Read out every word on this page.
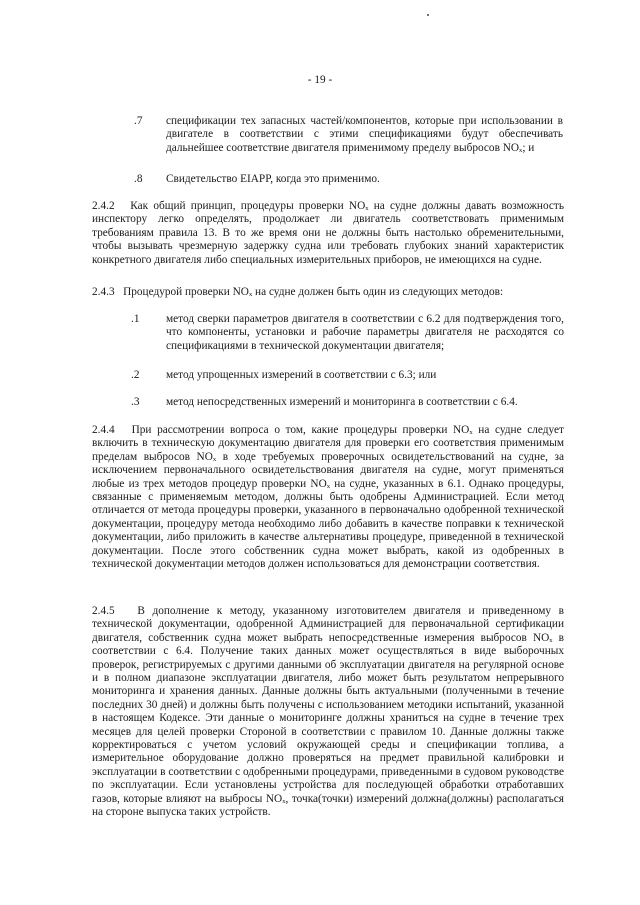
- 19 -
.7 спецификации тех запасных частей/компонентов, которые при использовании в двигателе в соответствии с этими спецификациями будут обеспечивать дальнейшее соответствие двигателя применимому пределу выбросов NOₓ; и
.8 Свидетельство EIAPP, когда это применимо.
2.4.2 Как общий принцип, процедуры проверки NOₓ на судне должны давать возможность инспектору легко определять, продолжает ли двигатель соответствовать применимым требованиям правила 13. В то же время они не должны быть настолько обременительными, чтобы вызывать чрезмерную задержку судна или требовать глубоких знаний характеристик конкретного двигателя либо специальных измерительных приборов, не имеющихся на судне.
2.4.3 Процедурой проверки NOₓ на судне должен быть один из следующих методов:
.1 метод сверки параметров двигателя в соответствии с 6.2 для подтверждения того, что компоненты, установки и рабочие параметры двигателя не расходятся со спецификациями в технической документации двигателя;
.2 метод упрощенных измерений в соответствии с 6.3; или
.3 метод непосредственных измерений и мониторинга в соответствии с 6.4.
2.4.4 При рассмотрении вопроса о том, какие процедуры проверки NOₓ на судне следует включить в техническую документацию двигателя для проверки его соответствия применимым пределам выбросов NOₓ в ходе требуемых проверочных освидетельствований на судне, за исключением первоначального освидетельствования двигателя на судне, могут применяться любые из трех методов процедур проверки NOₓ на судне, указанных в 6.1. Однако процедуры, связанные с применяемым методом, должны быть одобрены Администрацией. Если метод отличается от метода процедуры проверки, указанного в первоначально одобренной технической документации, процедуру метода необходимо либо добавить в качестве поправки к технической документации, либо приложить в качестве альтернативы процедуре, приведенной в технической документации. После этого собственник судна может выбрать, какой из одобренных в технической документации методов должен использоваться для демонстрации соответствия.
2.4.5 В дополнение к методу, указанному изготовителем двигателя и приведенному в технической документации, одобренной Администрацией для первоначальной сертификации двигателя, собственник судна может выбрать непосредственные измерения выбросов NOₓ в соответствии с 6.4. Получение таких данных может осуществляться в виде выборочных проверок, регистрируемых с другими данными об эксплуатации двигателя на регулярной основе и в полном диапазоне эксплуатации двигателя, либо может быть результатом непрерывного мониторинга и хранения данных. Данные должны быть актуальными (полученными в течение последних 30 дней) и должны быть получены с использованием методики испытаний, указанной в настоящем Кодексе. Эти данные о мониторинге должны храниться на судне в течение трех месяцев для целей проверки Стороной в соответствии с правилом 10. Данные должны также корректироваться с учетом условий окружающей среды и спецификации топлива, а измерительное оборудование должно проверяться на предмет правильной калибровки и эксплуатации в соответствии с одобренными процедурами, приведенными в судовом руководстве по эксплуатации. Если установлены устройства для последующей обработки отработавших газов, которые влияют на выбросы NOₓ, точка(точки) измерений должна(должны) располагаться на стороне выпуска таких устройств.
